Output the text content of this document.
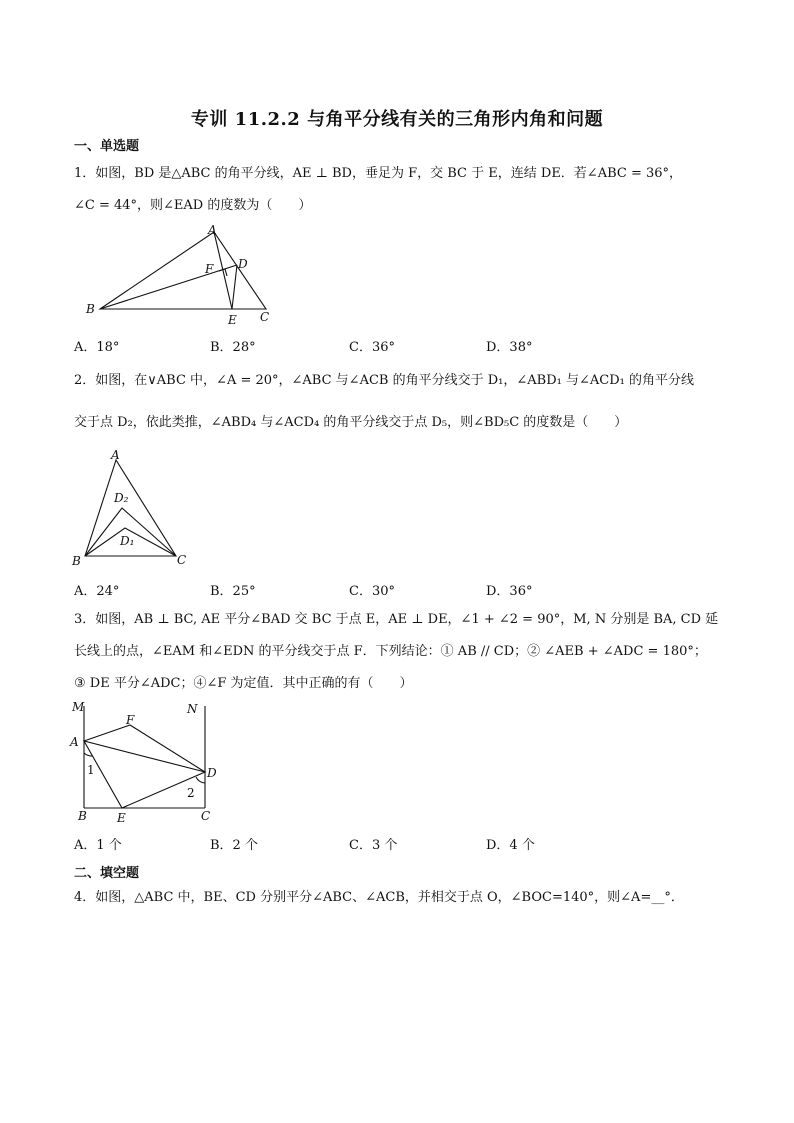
专训 11.2.2 与角平分线有关的三角形内角和问题
一、单选题
1．如图，BD 是△ABC 的角平分线，AE ⊥ BD，垂足为 F，交 BC 于 E，连结 DE．若∠ABC = 36°，
∠C = 44°，则∠EAD 的度数为（　　）
A
B
C
D
E
F
A．18°	B．28°	C．36°	D．38°
2．如图，在∨ABC 中，∠A = 20°，∠ABC 与∠ACB 的角平分线交于 D₁，∠ABD₁ 与∠ACD₁ 的角平分线
交于点 D₂，依此类推，∠ABD₄ 与∠ACD₄ 的角平分线交于点 D₅，则∠BD₅C 的度数是（　　）
A
B	C
D₂
D₁
A．24°	B．25°	C．30°	D．36°
3．如图，AB ⊥ BC, AE 平分∠BAD 交 BC 于点 E，AE ⊥ DE，∠1 + ∠2 = 90°，M, N 分别是 BA, CD 延
长线上的点，∠EAM 和∠EDN 的平分线交于点 F．下列结论：① AB // CD；② ∠AEB + ∠ADC = 180°；
③ DE 平分∠ADC；④∠F 为定值．其中正确的有（　　）
M	N
A
B	C
D
E
F
1
2
A．1 个	B．2 个	C．3 个	D．4 个
二、填空题
4．如图，△ABC 中，BE、CD 分别平分∠ABC、∠ACB，并相交于点 O，∠BOC=140°，则∠A=__°．
